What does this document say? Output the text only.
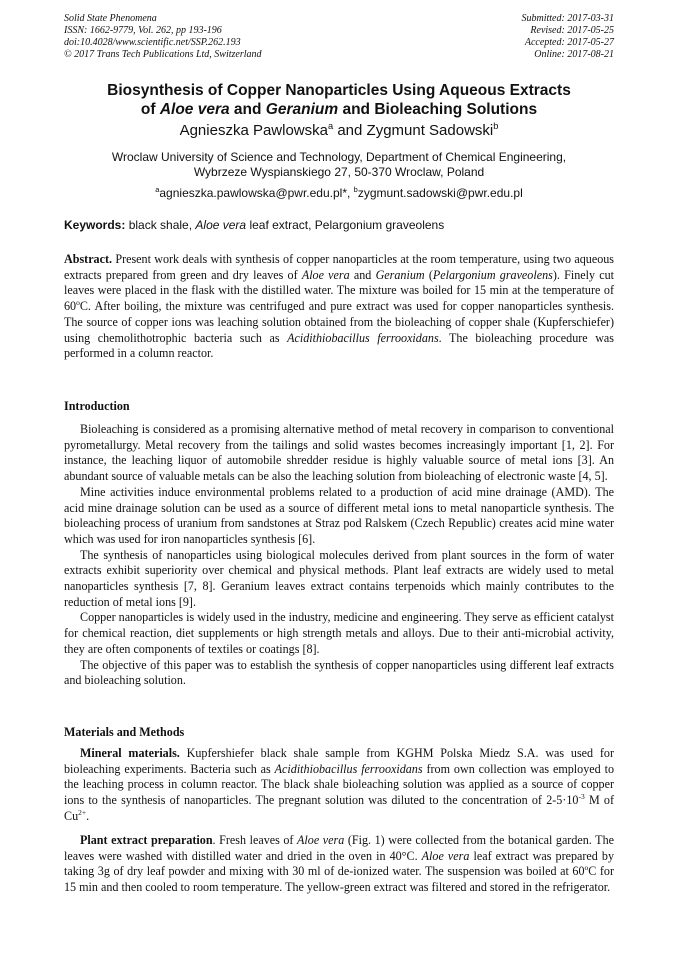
Solid State Phenomena
ISSN: 1662-9779, Vol. 262, pp 193-196
doi:10.4028/www.scientific.net/SSP.262.193
© 2017 Trans Tech Publications Ltd, Switzerland
Submitted: 2017-03-31
Revised: 2017-05-25
Accepted: 2017-05-27
Online: 2017-08-21
Biosynthesis of Copper Nanoparticles Using Aqueous Extracts
of Aloe vera and Geranium and Bioleaching Solutions
Agnieszka Pawlowska$^a$ and Zygmunt Sadowski$^b$
Wroclaw University of Science and Technology, Department of Chemical Engineering,
Wybrzeze Wyspianskiego 27, 50-370 Wroclaw, Poland
$^a$agnieszka.pawlowska@pwr.edu.pl*, $^b$zygmunt.sadowski@pwr.edu.pl
Keywords: black shale, Aloe vera leaf extract, Pelargonium graveolens

Abstract. Present work deals with synthesis of copper nanoparticles at the room temperature, using two aqueous extracts prepared from green and dry leaves of Aloe vera and Geranium (Pelargonium graveolens). Finely cut leaves were placed in the flask with the distilled water. The mixture was boiled for 15 min at the temperature of 60$^o$C. After boiling, the mixture was centrifuged and pure extract was used for copper nanoparticles synthesis. The source of copper ions was leaching solution obtained from the bioleaching of copper shale (Kupferschiefer) using chemolithotrophic bacteria such as Acidithiobacillus ferrooxidans. The bioleaching procedure was performed in a column reactor.

Introduction

Bioleaching is considered as a promising alternative method of metal recovery in comparison to conventional pyrometallurgy. Metal recovery from the tailings and solid wastes becomes increasingly important [1, 2]. For instance, the leaching liquor of automobile shredder residue is highly valuable source of metal ions [3]. An abundant source of valuable metals can be also the leaching solution from bioleaching of electronic waste [4, 5].

Mine activities induce environmental problems related to a production of acid mine drainage (AMD). The acid mine drainage solution can be used as a source of different metal ions to metal nanoparticle synthesis. The bioleaching process of uranium from sandstones at Straz pod Ralskem (Czech Republic) creates acid mine water which was used for iron nanoparticles synthesis [6].

The synthesis of nanoparticles using biological molecules derived from plant sources in the form of water extracts exhibit superiority over chemical and physical methods. Plant leaf extracts are widely used to metal nanoparticles synthesis [7, 8]. Geranium leaves extract contains terpenoids which mainly contributes to the reduction of metal ions [9].

Copper nanoparticles is widely used in the industry, medicine and engineering. They serve as efficient catalyst for chemical reaction, diet supplements or high strength metals and alloys. Due to their anti-microbial activity, they are often components of textiles or coatings [8].

The objective of this paper was to establish the synthesis of copper nanoparticles using different leaf extracts and bioleaching solution.

Materials and Methods

Mineral materials. Kupfershiefer black shale sample from KGHM Polska Miedz S.A. was used for bioleaching experiments. Bacteria such as Acidithiobacillus ferrooxidans from own collection was employed to the leaching process in column reactor. The black shale bioleaching solution was applied as a source of copper ions to the synthesis of nanoparticles. The pregnant solution was diluted to the concentration of $2-5\cdot 10^{-3}$ M of $Cu^{2+}$.

Plant extract preparation. Fresh leaves of Aloe vera (Fig. 1) were collected from the botanical garden. The leaves were washed with distilled water and dried in the oven in 40°C. Aloe vera leaf extract was prepared by taking 3g of dry leaf powder and mixing with 30 ml of de-ionized water. The suspension was boiled at 60$^o$C for 15 min and then cooled to room temperature. The yellow-green extract was filtered and stored in the refrigerator.
